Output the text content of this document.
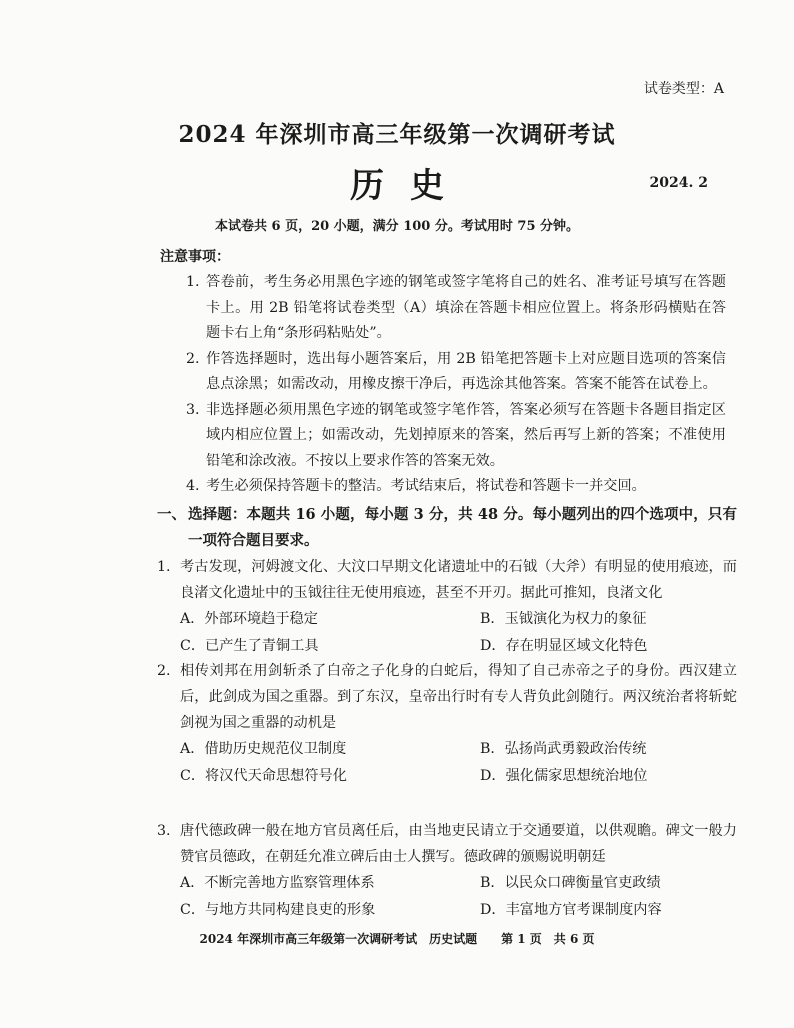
试卷类型：A
2024 年深圳市高三年级第一次调研考试
历史	2024. 2
本试卷共 6 页，20 小题，满分 100 分。考试用时 75 分钟。
注意事项：
1. 答卷前，考生务必用黑色字迹的钢笔或签字笔将自己的姓名、准考证号填写在答题卡上。用 2B 铅笔将试卷类型（A）填涂在答题卡相应位置上。将条形码横贴在答题卡右上角“条形码粘贴处”。
2. 作答选择题时，选出每小题答案后，用 2B 铅笔把答题卡上对应题目选项的答案信息点涂黑；如需改动，用橡皮擦干净后，再选涂其他答案。答案不能答在试卷上。
3. 非选择题必须用黑色字迹的钢笔或签字笔作答，答案必须写在答题卡各题目指定区域内相应位置上；如需改动，先划掉原来的答案，然后再写上新的答案；不准使用铅笔和涂改液。不按以上要求作答的答案无效。
4. 考生必须保持答题卡的整洁。考试结束后，将试卷和答题卡一并交回。
一、 选择题：本题共 16 小题，每小题 3 分，共 48 分。每小题列出的四个选项中，只有一项符合题目要求。
1. 考古发现，河姆渡文化、大汶口早期文化诸遗址中的石钺（大斧）有明显的使用痕迹，而良渚文化遗址中的玉钺往往无使用痕迹，甚至不开刃。据此可推知，良渚文化
A．外部环境趋于稳定	B．玉钺演化为权力的象征
C．已产生了青铜工具	D．存在明显区域文化特色
2. 相传刘邦在用剑斩杀了白帝之子化身的白蛇后，得知了自己赤帝之子的身份。西汉建立后，此剑成为国之重器。到了东汉，皇帝出行时有专人背负此剑随行。两汉统治者将斩蛇剑视为国之重器的动机是
A．借助历史规范仪卫制度	B．弘扬尚武勇毅政治传统
C．将汉代天命思想符号化	D．强化儒家思想统治地位
3. 唐代德政碑一般在地方官员离任后，由当地吏民请立于交通要道，以供观瞻。碑文一般力赞官员德政，在朝廷允准立碑后由士人撰写。德政碑的颁赐说明朝廷
A．不断完善地方监察管理体系	B．以民众口碑衡量官吏政绩
C．与地方共同构建良吏的形象	D．丰富地方官考课制度内容
2024 年深圳市高三年级第一次调研考试　历史试题　　第 1 页　共 6 页
